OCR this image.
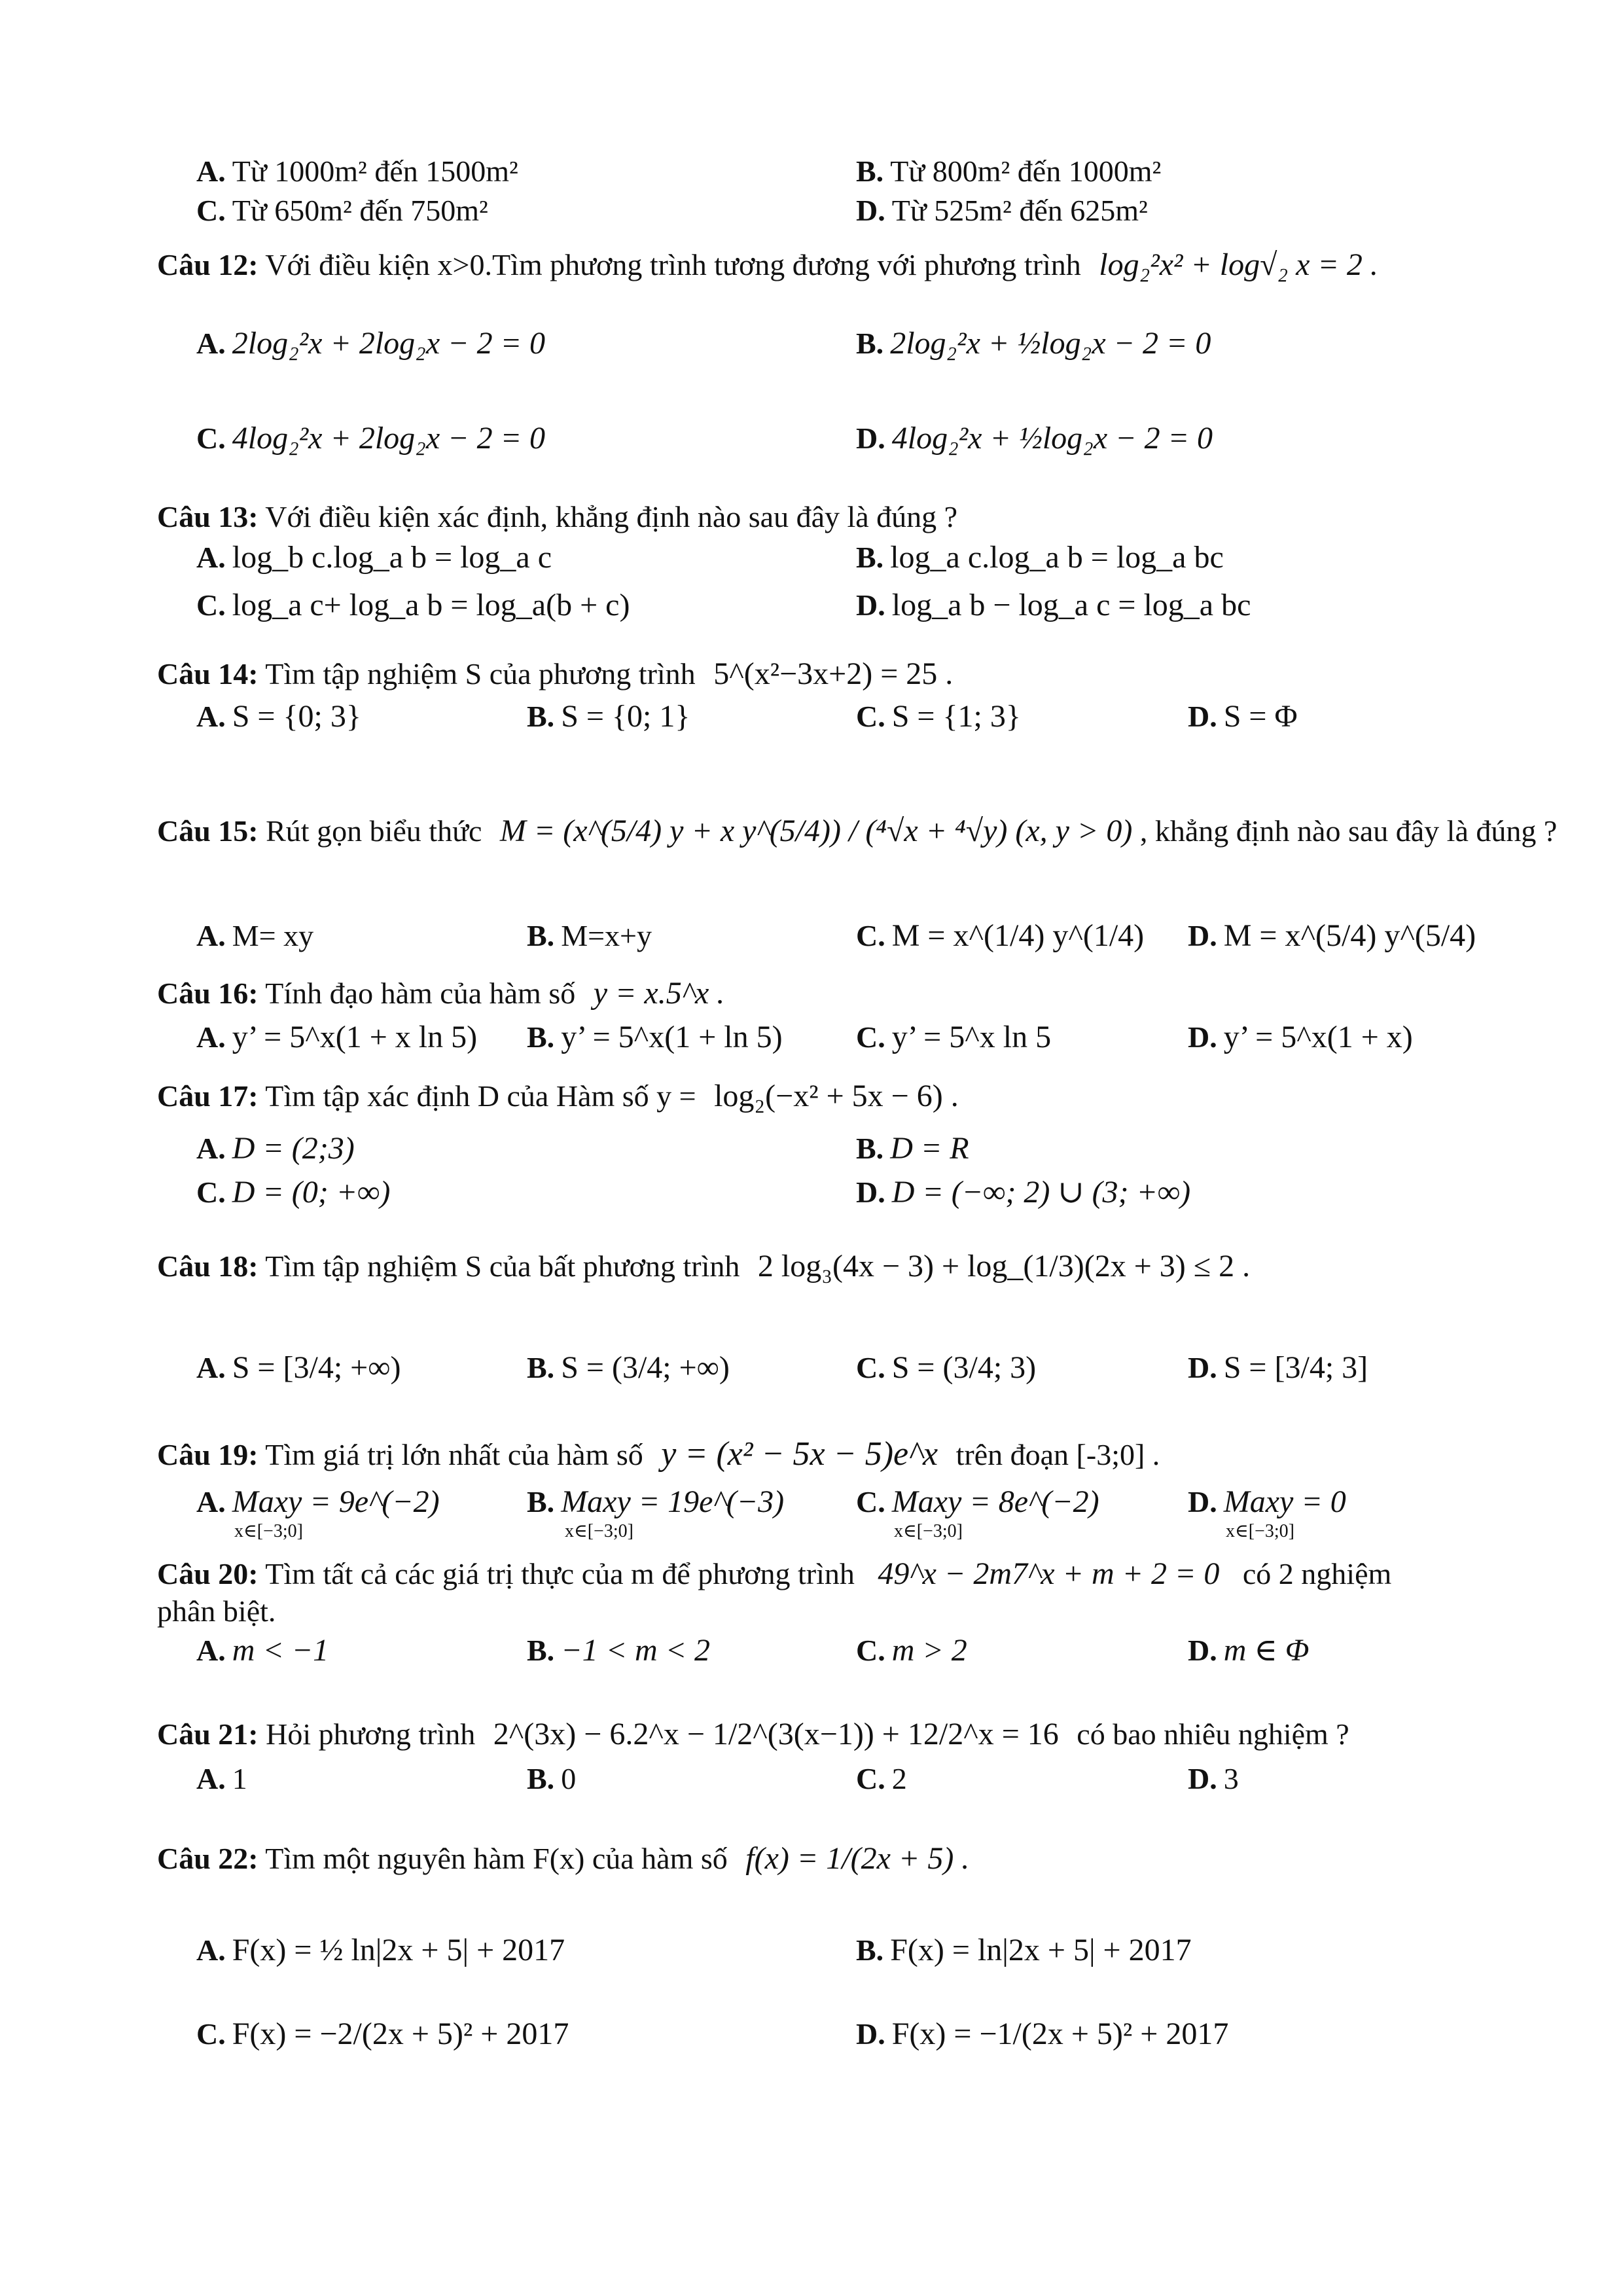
A. Từ 1000m² đến 1500m²	B. Từ 800m² đến 1000m²
C. Từ 650m² đến 750m²	D. Từ 525m² đến 625m²
Câu 12: Với điều kiện x>0.Tìm phương trình tương đương với phương trình log₂²x² + log√₂ x = 2 .
A. 2log₂²x + 2log₂x − 2 = 0	B. 2log₂²x + ½log₂x − 2 = 0
C. 4log₂²x + 2log₂x − 2 = 0	D. 4log₂²x + ½log₂x − 2 = 0
Câu 13: Với điều kiện xác định, khẳng định nào sau đây là đúng ?
A. log_b c.log_a b = log_a c	B. log_a c.log_a b = log_a bc
C. log_a c+ log_a b = log_a(b + c)	D. log_a b − log_a c = log_a bc
Câu 14: Tìm tập nghiệm S của phương trình 5^(x²−3x+2) = 25 .
A. S = {0; 3}	B. S = {0; 1}	C. S = {1; 3}	D. S = Φ
Câu 15: Rút gọn biểu thức M = (x^(5/4) y + x y^(5/4)) / (⁴√x + ⁴√y) (x, y > 0) , khẳng định nào sau đây là đúng ?
A. M= xy	B. M=x+y	C. M = x^(1/4) y^(1/4) D. M = x^(5/4) y^(5/4)
Câu 16: Tính đạo hàm của hàm số y = x.5^x .
A. y’ = 5^x(1 + x ln 5) B. y’ = 5^x(1 + ln 5) C. y’ = 5^x ln 5	D. y’ = 5^x(1 + x)
Câu 17: Tìm tập xác định D của Hàm số y = log₂(−x² + 5x − 6) .
A. D = (2;3)	B. D = R
C. D = (0; +∞)	D. D = (−∞; 2) ∪ (3; +∞)
Câu 18: Tìm tập nghiệm S của bất phương trình 2 log₃(4x − 3) + log_(1/3)(2x + 3) ≤ 2 .
A. S = [3/4; +∞)	B. S = (3/4; +∞)	C. S = (3/4; 3)	D. S = [3/4; 3]
Câu 19: Tìm giá trị lớn nhất của hàm số y = (x² − 5x − 5)e^x trên đoạn [-3;0] .
A. Maxy = 9e^(−2)
x∈[−3;0]
B. Maxy = 19e^(−3)
x∈[−3;0]
C. Maxy = 8e^(−2)
x∈[−3;0]
D. Maxy = 0
x∈[−3;0]
Câu 20: Tìm tất cả các giá trị thực của m để phương trình 49^x − 2m7^x + m + 2 = 0 có 2 nghiệm
phân biệt.
A. m < −1	B. −1 < m < 2	C. m > 2	D. m ∈ Φ
Câu 21: Hỏi phương trình 2^(3x) − 6.2^x − 1/2^(3(x−1)) + 12/2^x = 16 có bao nhiêu nghiệm ?
A. 1	B. 0	C. 2	D. 3
Câu 22: Tìm một nguyên hàm F(x) của hàm số f(x) = 1/(2x + 5) .
A. F(x) = ½ ln|2x + 5| + 2017	B. F(x) = ln|2x + 5| + 2017
C. F(x) = −2/(2x + 5)² + 2017	D. F(x) = −1/(2x + 5)² + 2017
